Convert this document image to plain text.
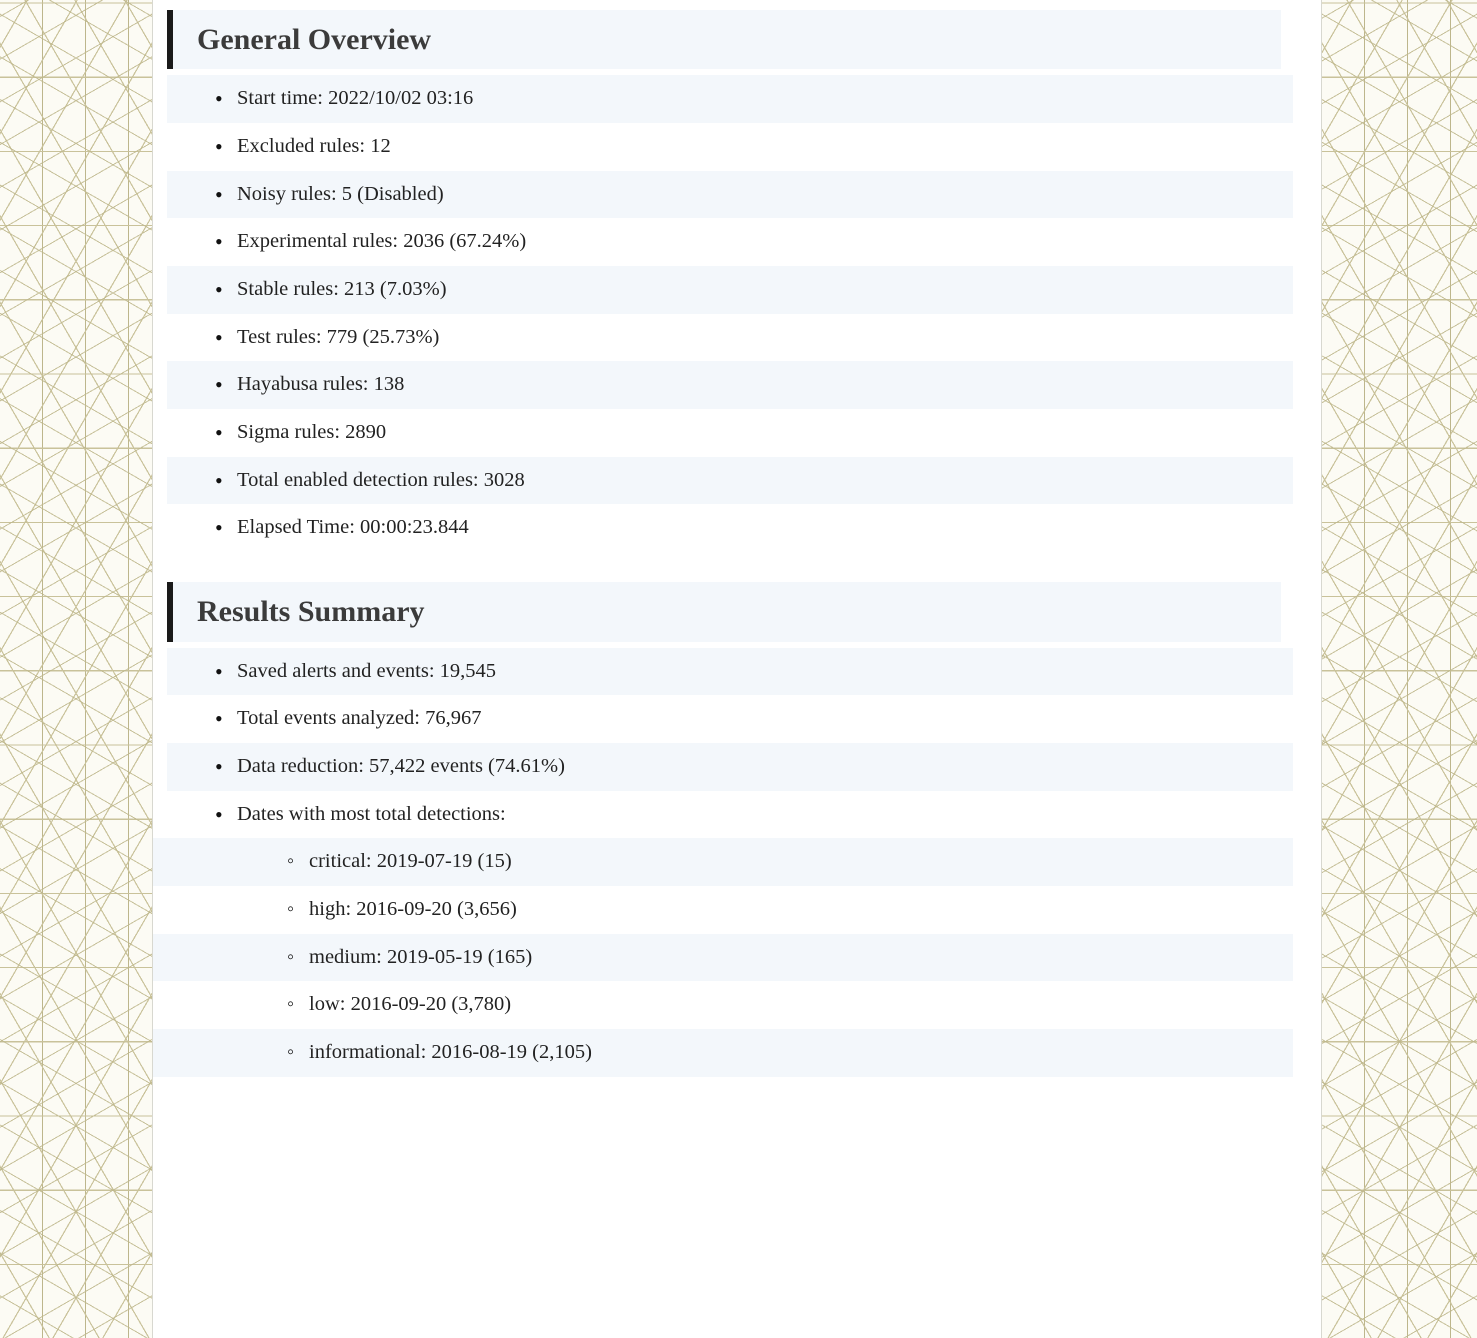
General Overview
• Start time: 2022/10/02 03:16
• Excluded rules: 12
• Noisy rules: 5 (Disabled)
• Experimental rules: 2036 (67.24%)
• Stable rules: 213 (7.03%)
• Test rules: 779 (25.73%)
• Hayabusa rules: 138
• Sigma rules: 2890
• Total enabled detection rules: 3028
• Elapsed Time: 00:00:23.844
Results Summary
• Saved alerts and events: 19,545
• Total events analyzed: 76,967
• Data reduction: 57,422 events (74.61%)
• Dates with most total detections:
◦ critical: 2019-07-19 (15)
◦ high: 2016-09-20 (3,656)
◦ medium: 2019-05-19 (165)
◦ low: 2016-09-20 (3,780)
◦ informational: 2016-08-19 (2,105)
